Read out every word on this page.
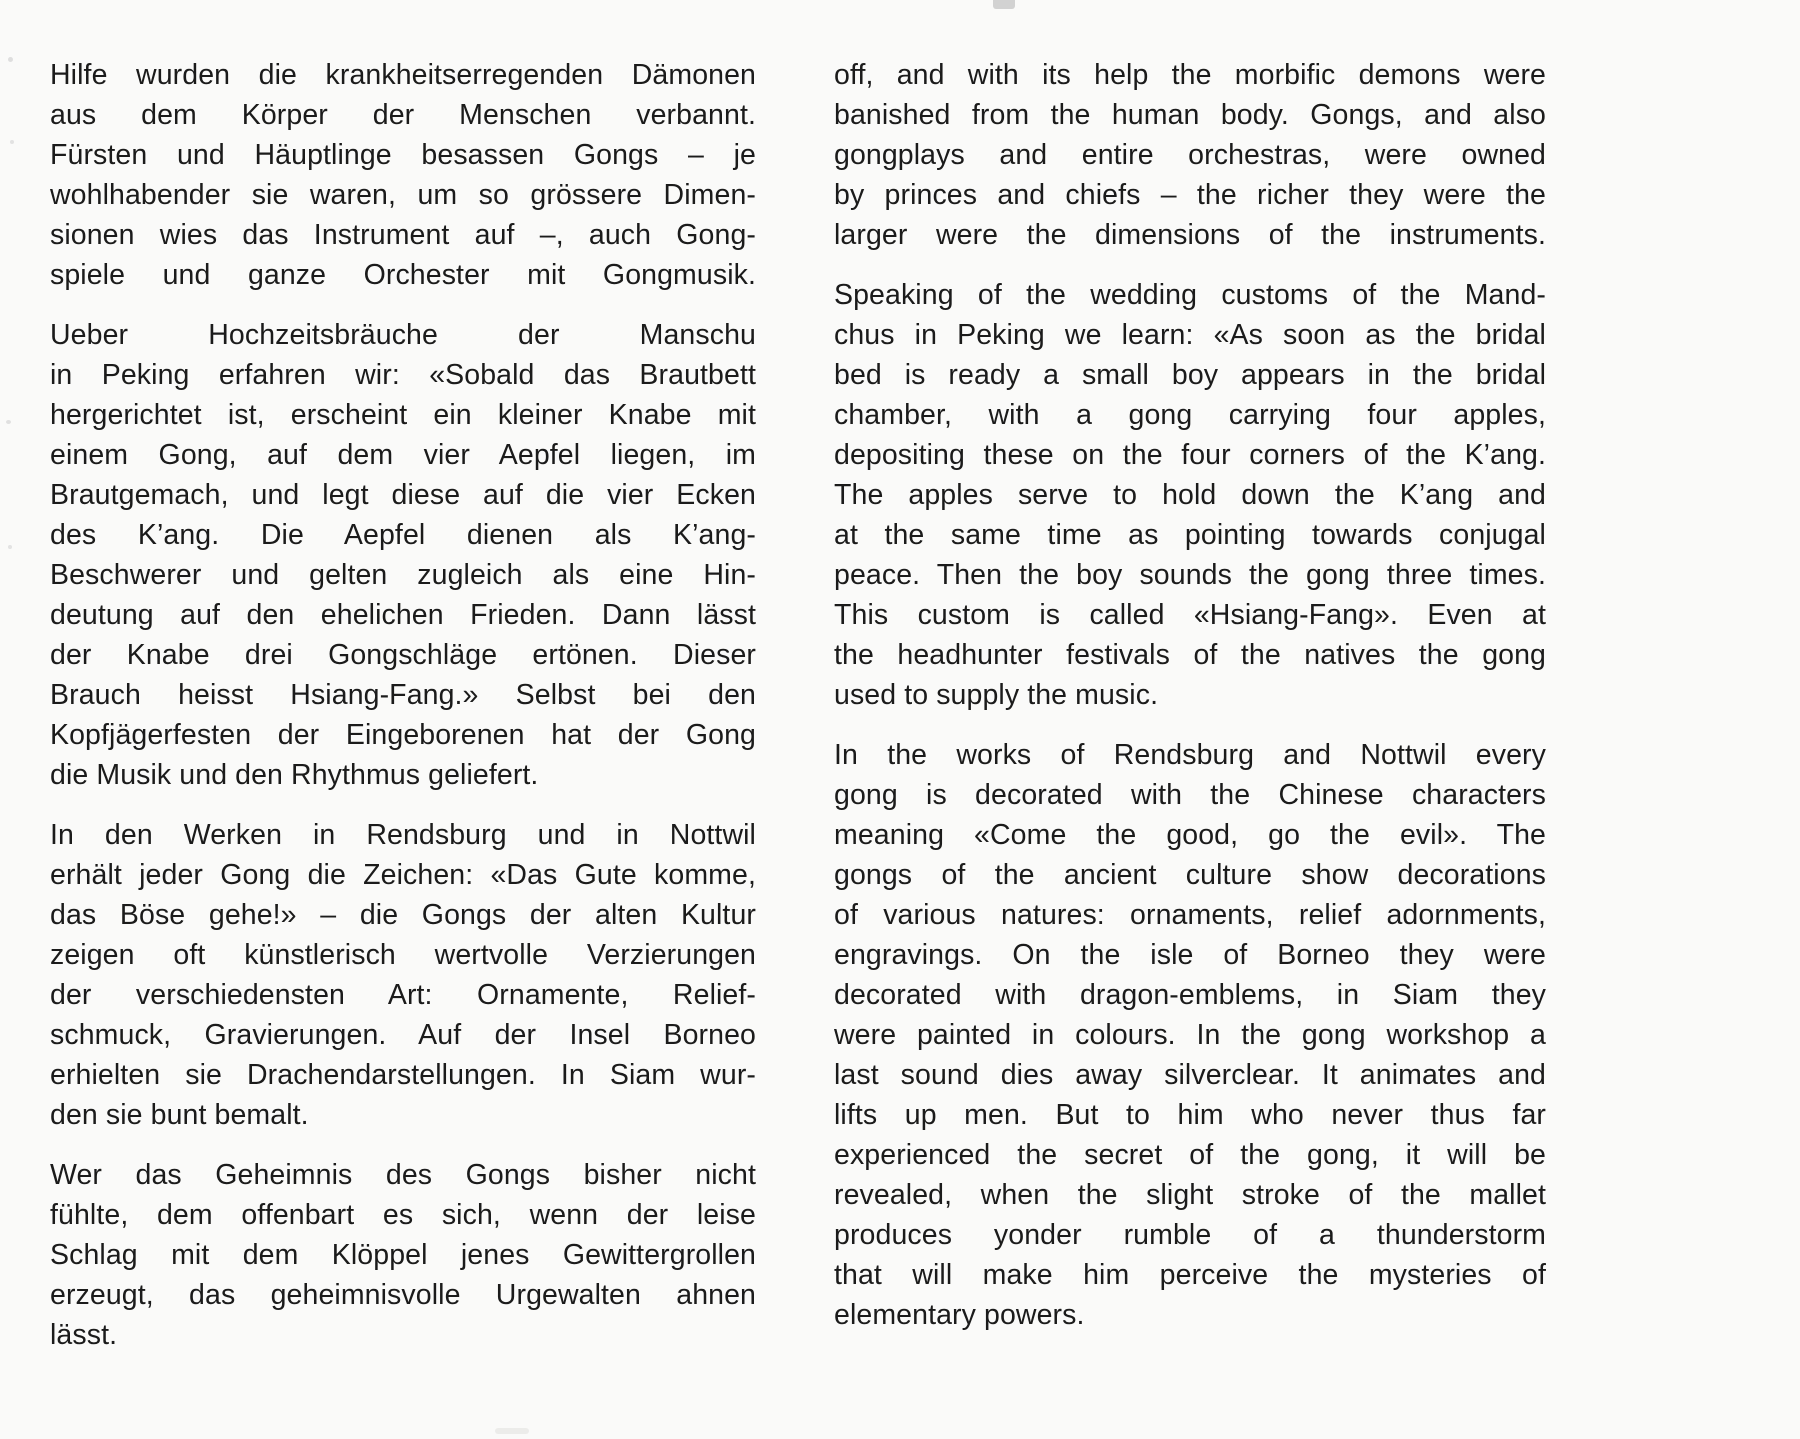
Hilfe wurden die krankheitserregenden Dämonen
aus dem Körper der Menschen verbannt.
Fürsten und Häuptlinge besassen Gongs – je
wohlhabender sie waren, um so grössere Dimen-
sionen wies das Instrument auf –, auch Gong-
spiele und ganze Orchester mit Gongmusik.

Ueber Hochzeitsbräuche der Manschu
in Peking erfahren wir: «Sobald das Brautbett
hergerichtet ist, erscheint ein kleiner Knabe mit
einem Gong, auf dem vier Aepfel liegen, im
Brautgemach, und legt diese auf die vier Ecken
des K’ang. Die Aepfel dienen als K’ang-
Beschwerer und gelten zugleich als eine Hin-
deutung auf den ehelichen Frieden. Dann lässt
der Knabe drei Gongschläge ertönen. Dieser
Brauch heisst Hsiang-Fang.» Selbst bei den
Kopfjägerfesten der Eingeborenen hat der Gong
die Musik und den Rhythmus geliefert.

In den Werken in Rendsburg und in Nottwil
erhält jeder Gong die Zeichen: «Das Gute komme,
das Böse gehe!» – die Gongs der alten Kultur
zeigen oft künstlerisch wertvolle Verzierungen
der verschiedensten Art: Ornamente, Relief-
schmuck, Gravierungen. Auf der Insel Borneo
erhielten sie Drachendarstellungen. In Siam wur-
den sie bunt bemalt.

Wer das Geheimnis des Gongs bisher nicht
fühlte, dem offenbart es sich, wenn der leise
Schlag mit dem Klöppel jenes Gewittergrollen
erzeugt, das geheimnisvolle Urgewalten ahnen
lässt.

off, and with its help the morbific demons were
banished from the human body. Gongs, and also
gongplays and entire orchestras, were owned
by princes and chiefs – the richer they were the
larger were the dimensions of the instruments.

Speaking of the wedding customs of the Mand-
chus in Peking we learn: «As soon as the bridal
bed is ready a small boy appears in the bridal
chamber, with a gong carrying four apples,
depositing these on the four corners of the K’ang.
The apples serve to hold down the K’ang and
at the same time as pointing towards conjugal
peace. Then the boy sounds the gong three times.
This custom is called «Hsiang-Fang». Even at
the headhunter festivals of the natives the gong
used to supply the music.

In the works of Rendsburg and Nottwil every
gong is decorated with the Chinese characters
meaning «Come the good, go the evil». The
gongs of the ancient culture show decorations
of various natures: ornaments, relief adornments,
engravings. On the isle of Borneo they were
decorated with dragon-emblems, in Siam they
were painted in colours. In the gong workshop a
last sound dies away silverclear. It animates and
lifts up men. But to him who never thus far
experienced the secret of the gong, it will be
revealed, when the slight stroke of the mallet
produces yonder rumble of a thunderstorm
that will make him perceive the mysteries of
elementary powers.
